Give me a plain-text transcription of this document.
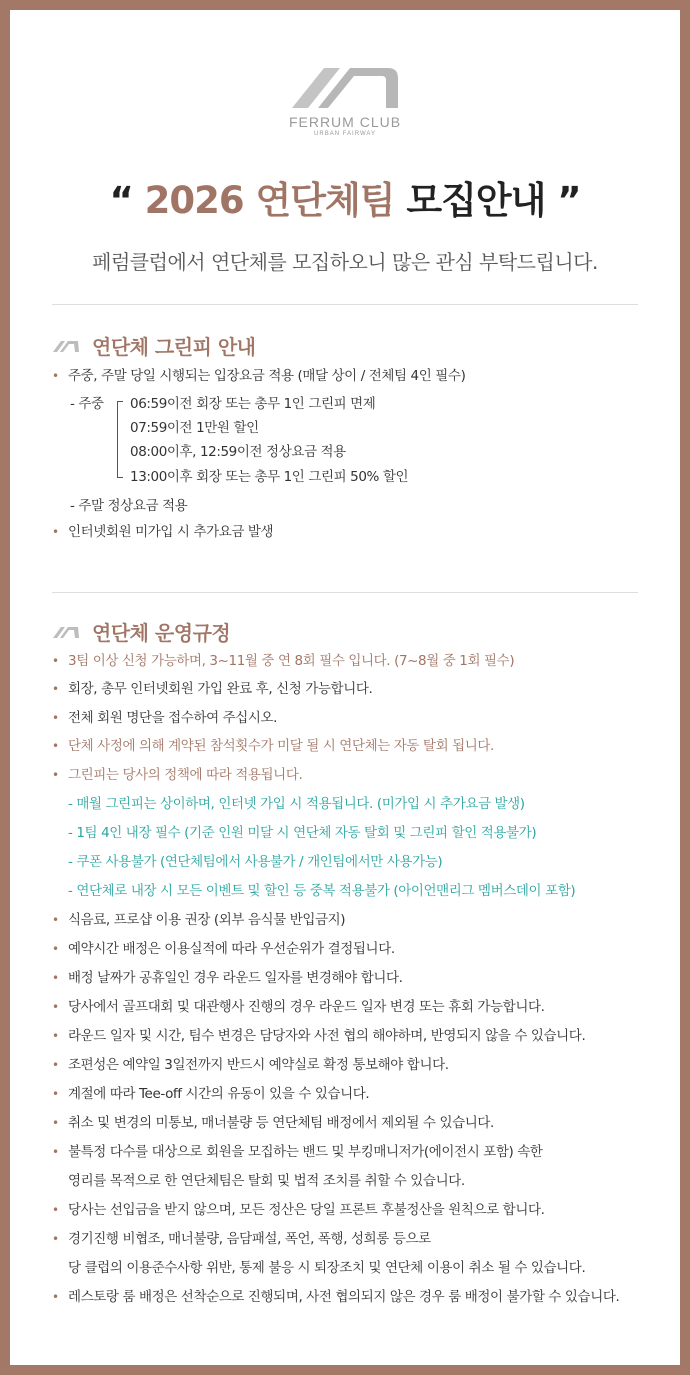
FERRUM CLUB
URBAN FAIRWAY
“ 2026 연단체팀 모집안내 ”
페럼클럽에서 연단체를 모집하오니 많은 관심 부탁드립니다.
연단체 그린피 안내
• 주중, 주말 당일 시행되는 입장요금 적용 (매달 상이 / 전체팀 4인 필수)
- 주중	06:59이전 회장 또는 총무 1인 그린피 면제
07:59이전 1만원 할인
08:00이후, 12:59이전 정상요금 적용
13:00이후 회장 또는 총무 1인 그린피 50% 할인
- 주말 정상요금 적용
• 인터넷회원 미가입 시 추가요금 발생
연단체 운영규정
• 3팀 이상 신청 가능하며, 3~11월 중 연 8회 필수 입니다. (7~8월 중 1회 필수)
• 회장, 총무 인터넷회원 가입 완료 후, 신청 가능합니다.
• 전체 회원 명단을 접수하여 주십시오.
• 단체 사정에 의해 계약된 참석횟수가 미달 될 시 연단체는 자동 탈회 됩니다.
• 그린피는 당사의 정책에 따라 적용됩니다.
- 매월 그린피는 상이하며, 인터넷 가입 시 적용됩니다. (미가입 시 추가요금 발생)
- 1팀 4인 내장 필수 (기준 인원 미달 시 연단체 자동 탈회 및 그린피 할인 적용불가)
- 쿠폰 사용불가 (연단체팀에서 사용불가 / 개인팀에서만 사용가능)
- 연단체로 내장 시 모든 이벤트 및 할인 등 중복 적용불가 (아이언맨리그 멤버스데이 포함)
• 식음료, 프로샵 이용 권장 (외부 음식물 반입금지)
• 예약시간 배정은 이용실적에 따라 우선순위가 결정됩니다.
• 배정 날짜가 공휴일인 경우 라운드 일자를 변경해야 합니다.
• 당사에서 골프대회 및 대관행사 진행의 경우 라운드 일자 변경 또는 휴회 가능합니다.
• 라운드 일자 및 시간, 팀수 변경은 담당자와 사전 협의 해야하며, 반영되지 않을 수 있습니다.
• 조편성은 예약일 3일전까지 반드시 예약실로 확정 통보해야 합니다.
• 계절에 따라 Tee-off 시간의 유동이 있을 수 있습니다.
• 취소 및 변경의 미통보, 매너불량 등 연단체팀 배정에서 제외될 수 있습니다.
• 불특정 다수를 대상으로 회원을 모집하는 밴드 및 부킹매니저가(에이전시 포함) 속한
영리를 목적으로 한 연단체팀은 탈회 및 법적 조치를 취할 수 있습니다.
• 당사는 선입금을 받지 않으며, 모든 정산은 당일 프론트 후불정산을 원칙으로 합니다.
• 경기진행 비협조, 매너불량, 음담패설, 폭언, 폭행, 성희롱 등으로
당 클럽의 이용준수사항 위반, 통제 불응 시 퇴장조치 및 연단체 이용이 취소 될 수 있습니다.
• 레스토랑 룸 배정은 선착순으로 진행되며, 사전 협의되지 않은 경우 룸 배정이 불가할 수 있습니다.
